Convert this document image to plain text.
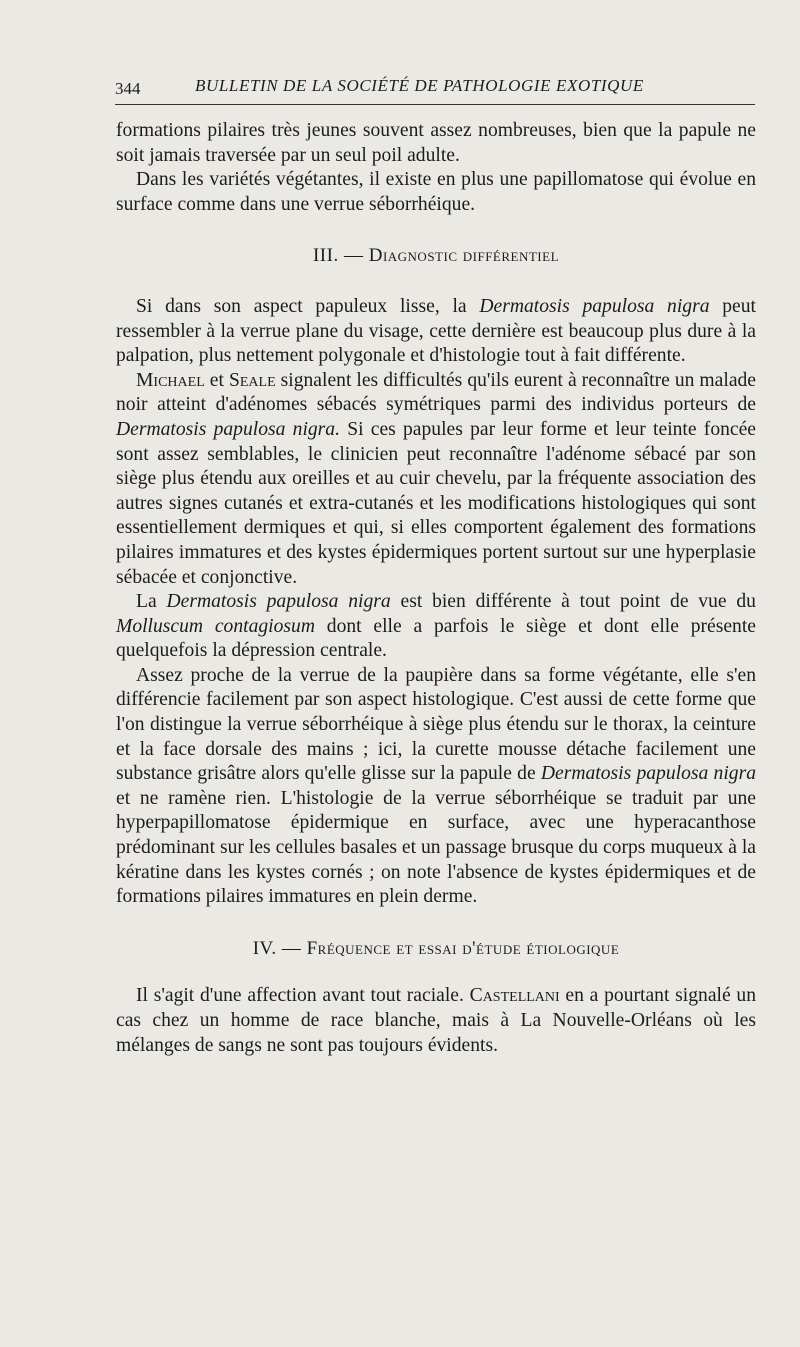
344	BULLETIN DE LA SOCIÉTÉ DE PATHOLOGIE EXOTIQUE

formations pilaires très jeunes souvent assez nombreuses, bien que la papule ne soit jamais traversée par un seul poil adulte.

Dans les variétés végétantes, il existe en plus une papillomatose qui évolue en surface comme dans une verrue séborrhéique.

III. — Diagnostic différentiel

Si dans son aspect papuleux lisse, la Dermatosis papulosa nigra peut ressembler à la verrue plane du visage, cette dernière est beaucoup plus dure à la palpation, plus nettement polygonale et d'histologie tout à fait différente.

Michael et Seale signalent les difficultés qu'ils eurent à reconnaître un malade noir atteint d'adénomes sébacés symétriques parmi des individus porteurs de Dermatosis papulosa nigra. Si ces papules par leur forme et leur teinte foncée sont assez semblables, le clinicien peut reconnaître l'adénome sébacé par son siège plus étendu aux oreilles et au cuir chevelu, par la fréquente association des autres signes cutanés et extra-cutanés et les modifications histologiques qui sont essentiellement dermiques et qui, si elles comportent également des formations pilaires immatures et des kystes épidermiques portent surtout sur une hyperplasie sébacée et conjonctive.

La Dermatosis papulosa nigra est bien différente à tout point de vue du Molluscum contagiosum dont elle a parfois le siège et dont elle présente quelquefois la dépression centrale.

Assez proche de la verrue de la paupière dans sa forme végétante, elle s'en différencie facilement par son aspect histologique. C'est aussi de cette forme que l'on distingue la verrue séborrhéique à siège plus étendu sur le thorax, la ceinture et la face dorsale des mains ; ici, la curette mousse détache facilement une substance grisâtre alors qu'elle glisse sur la papule de Dermatosis papulosa nigra et ne ramène rien. L'histologie de la verrue séborrhéique se traduit par une hyperpapillomatose épidermique en surface, avec une hyperacanthose prédominant sur les cellules basales et un passage brusque du corps muqueux à la kératine dans les kystes cornés ; on note l'absence de kystes épidermiques et de formations pilaires immatures en plein derme.

IV. — Fréquence et essai d'étude étiologique

Il s'agit d'une affection avant tout raciale. Castellani en a pourtant signalé un cas chez un homme de race blanche, mais à La Nouvelle-Orléans où les mélanges de sangs ne sont pas toujours évidents.
